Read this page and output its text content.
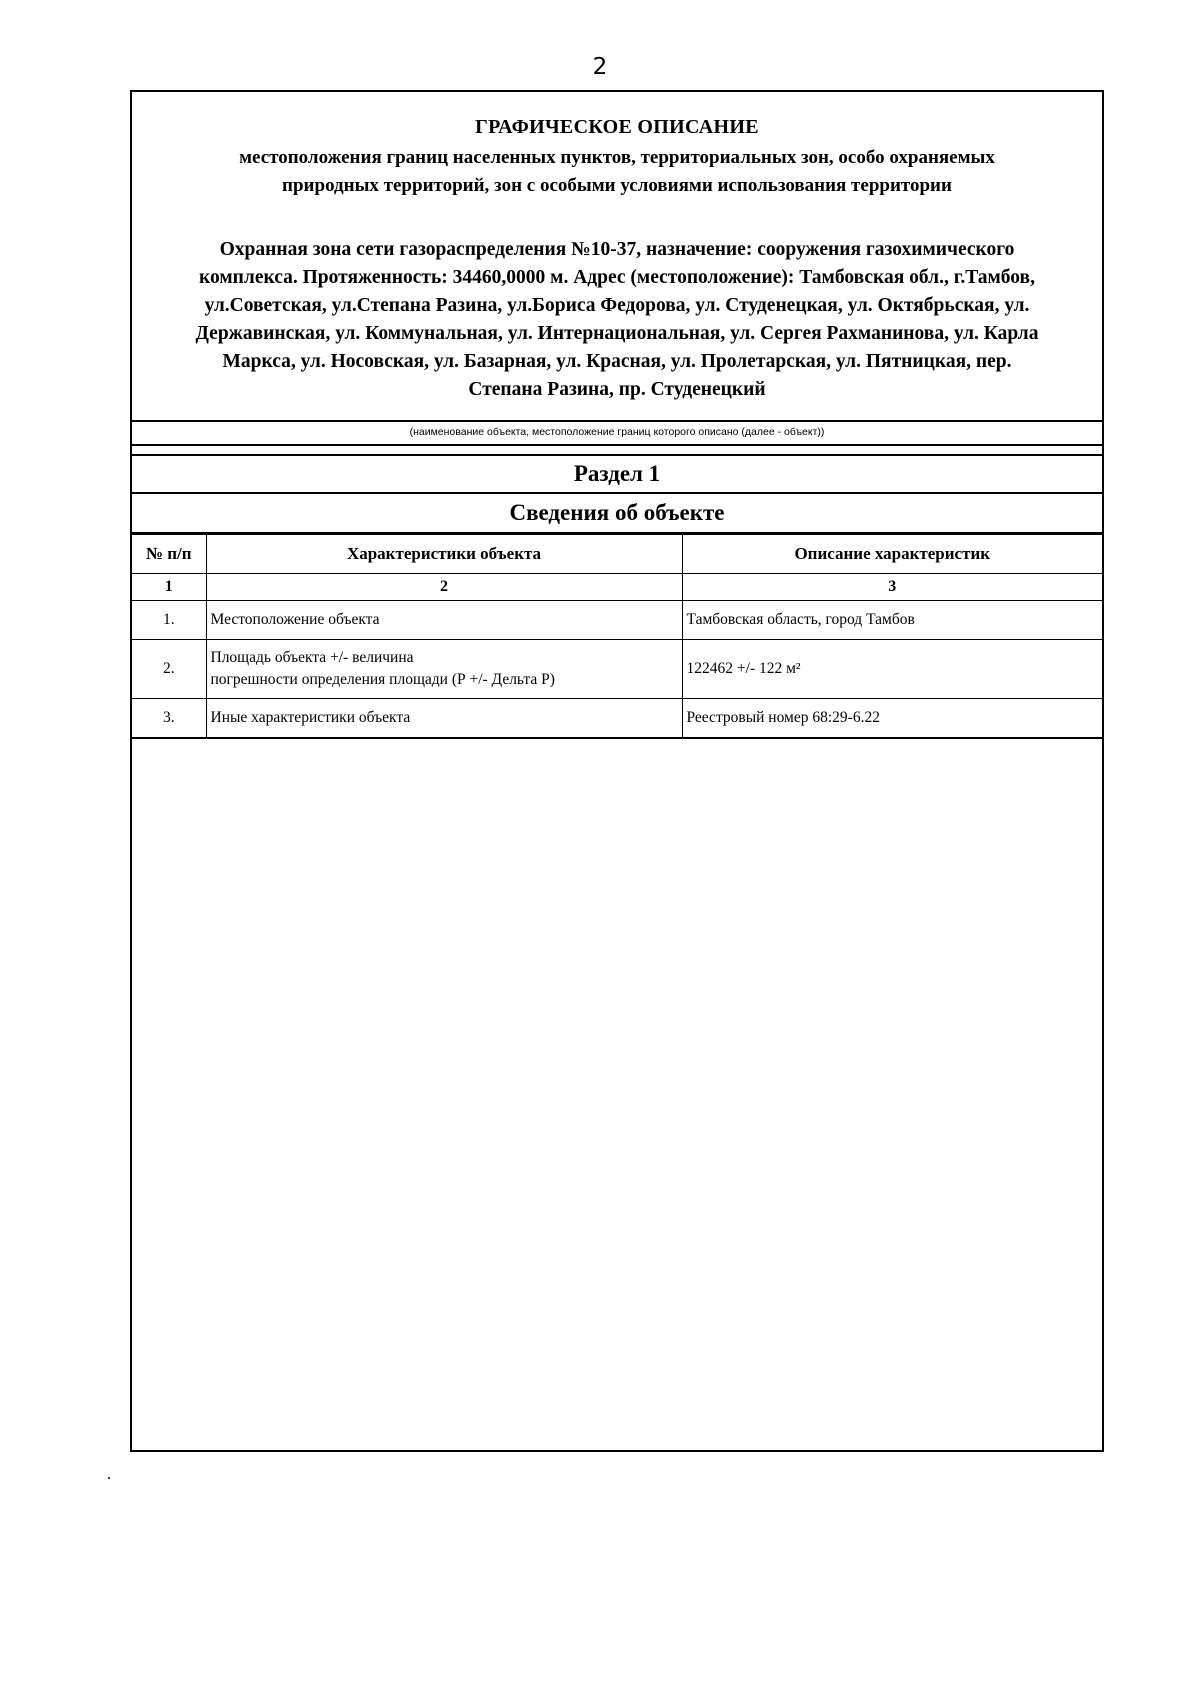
2
ГРАФИЧЕСКОЕ ОПИСАНИЕ
местоположения границ населенных пунктов, территориальных зон, особо охраняемых
природных территорий, зон с особыми условиями использования территории
Охранная зона сети газораспределения №10-37, назначение: сооружения газохимического
комплекса. Протяженность: 34460,0000 м. Адрес (местоположение): Тамбовская обл., г.Тамбов,
ул.Советская, ул.Степана Разина, ул.Бориса Федорова, ул. Студенецкая, ул. Октябрьская, ул.
Державинская, ул. Коммунальная, ул. Интернациональная, ул. Сергея Рахманинова, ул. Карла
Маркса, ул. Носовская, ул. Базарная, ул. Красная, ул. Пролетарская, ул. Пятницкая, пер.
Степана Разина, пр. Студенецкий
(наименование объекта, местоположение границ которого описано (далее - объект))
Раздел 1
Сведения об объекте
№ п/п	Характеристики объекта	Описание характеристик
1	2	3
1.	Местоположение объекта	Тамбовская область, город Тамбов
2.	Площадь объекта +/- величина
погрешности определения площади (Р +/- Дельта Р)	122462 +/- 122 м²
3.	Иные характеристики объекта	Реестровый номер 68:29-6.22
